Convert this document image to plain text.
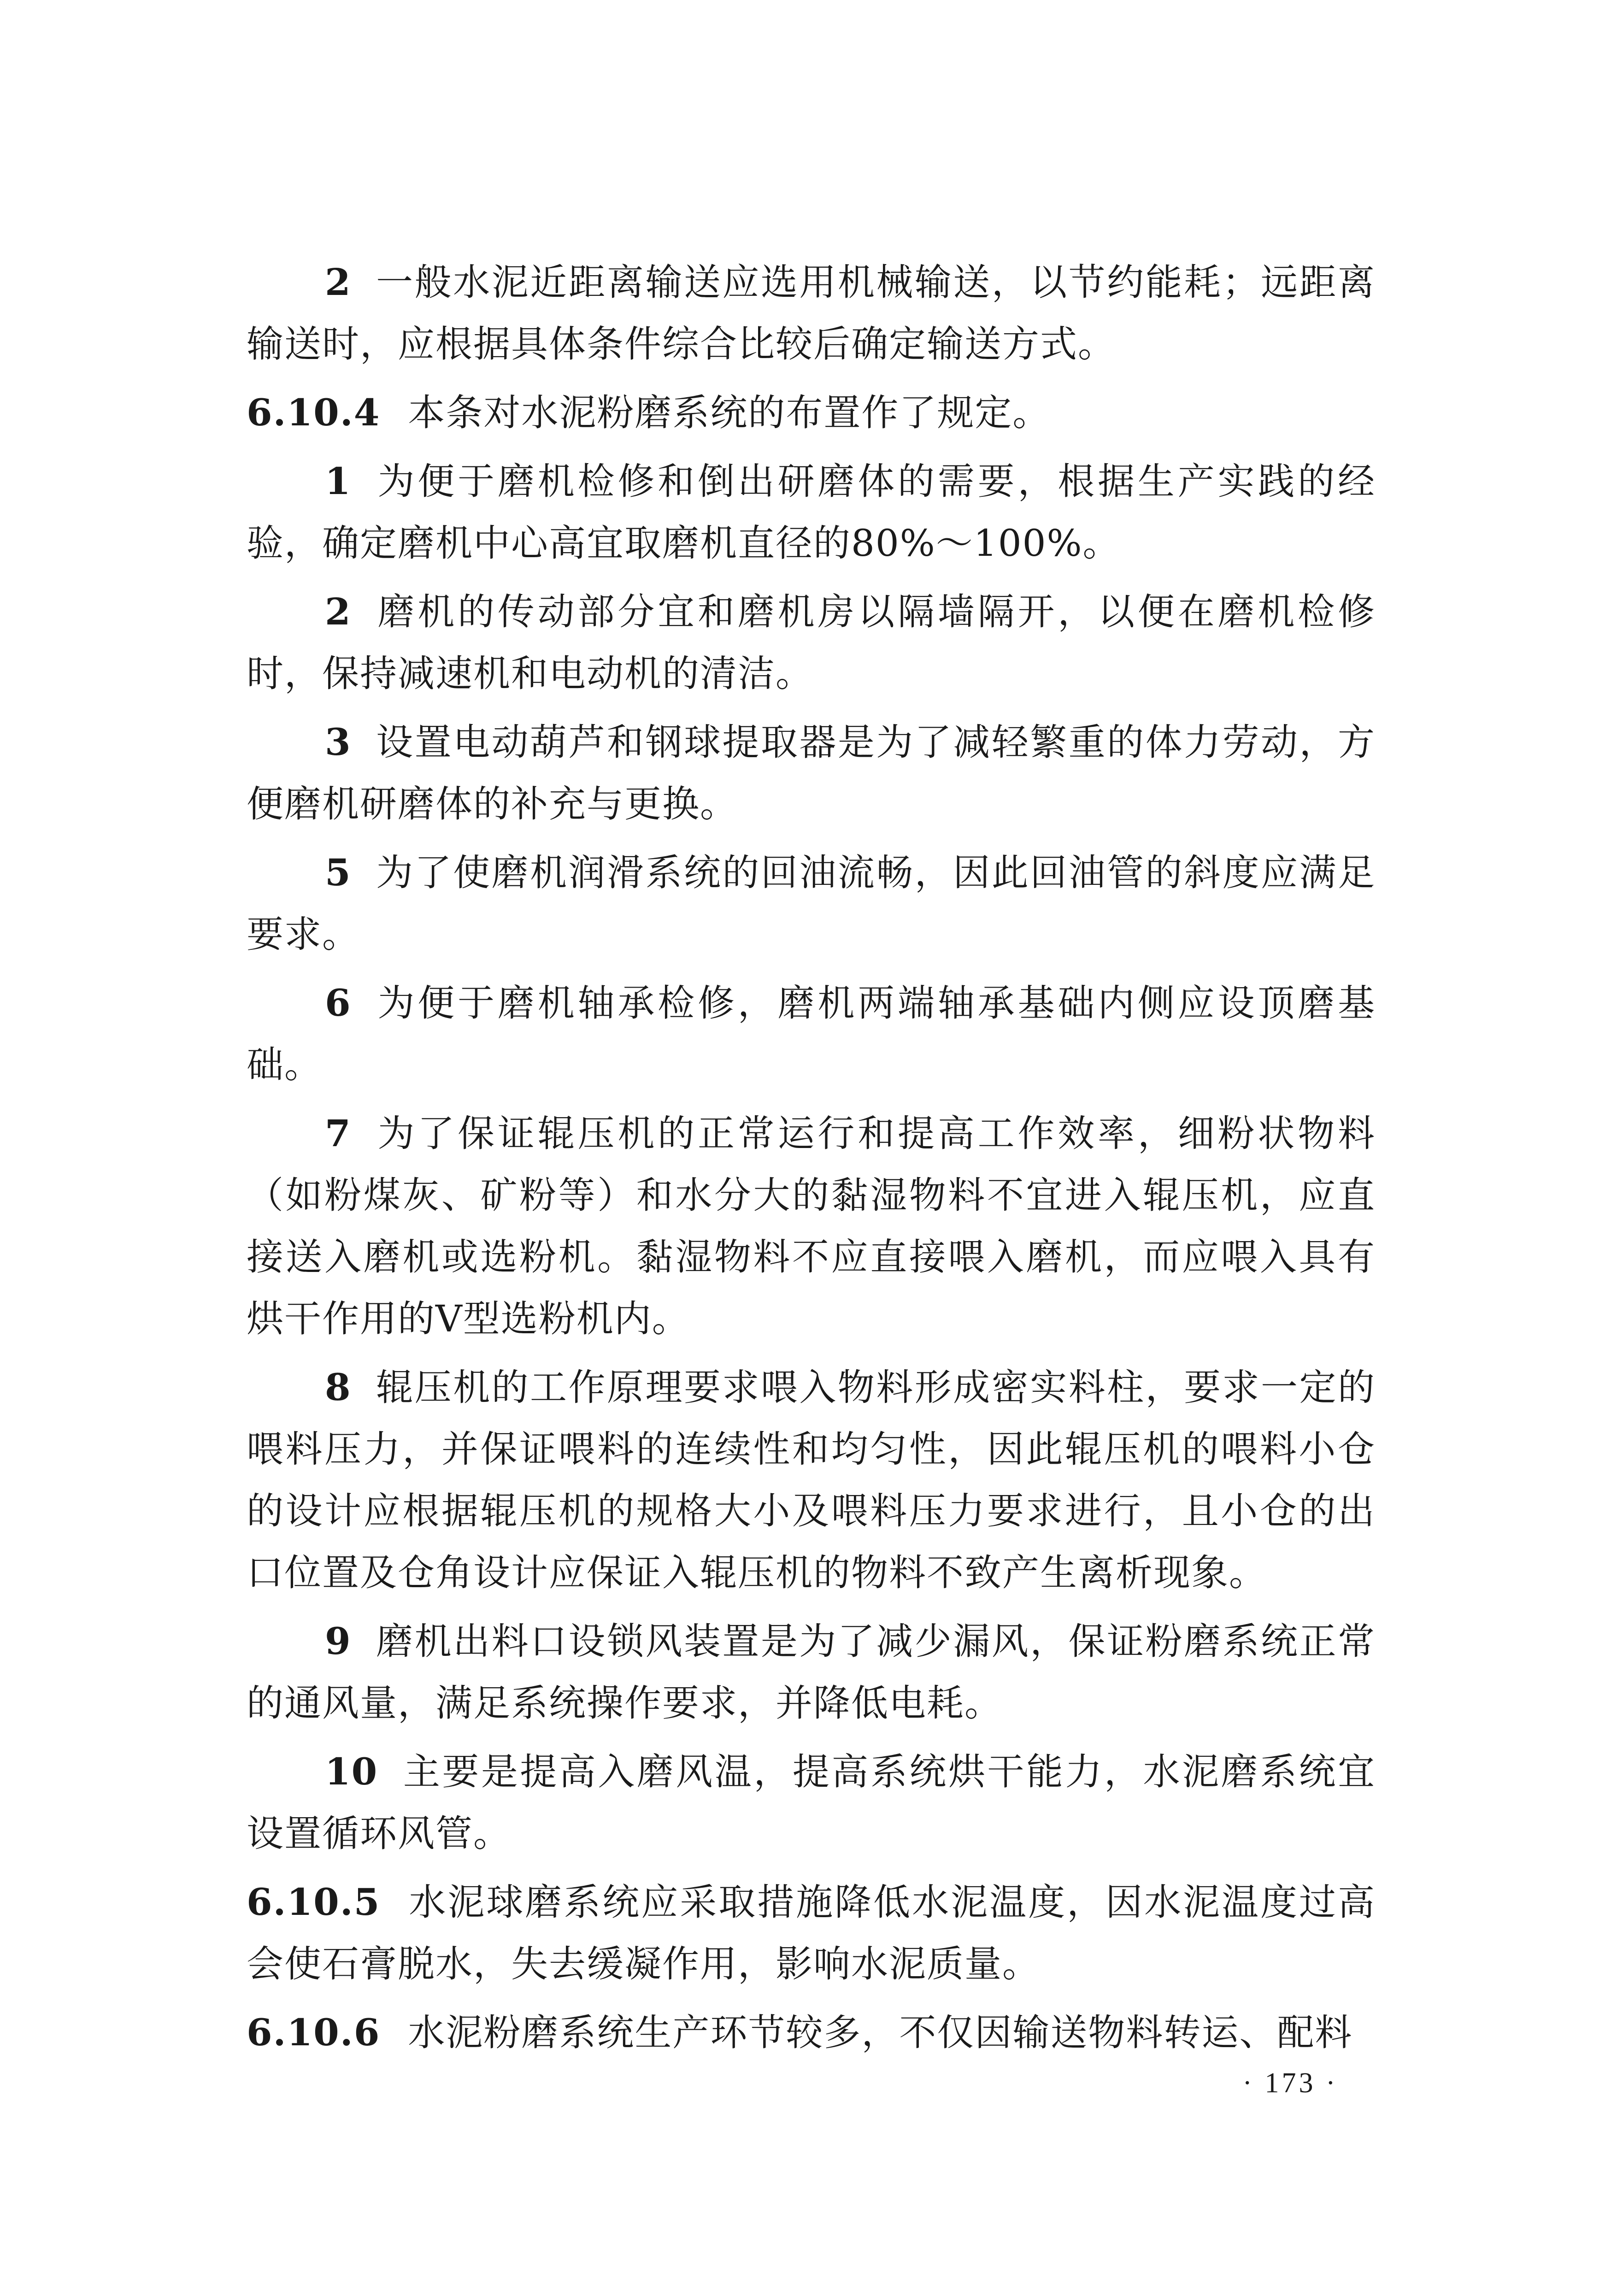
2 一般水泥近距离输送应选用机械输送，以节约能耗；远距离输送时，应根据具体条件综合比较后确定输送方式。

6.10.4 本条对水泥粉磨系统的布置作了规定。

1 为便于磨机检修和倒出研磨体的需要，根据生产实践的经验，确定磨机中心高宜取磨机直径的80%～100%。

2 磨机的传动部分宜和磨机房以隔墙隔开，以便在磨机检修时，保持减速机和电动机的清洁。

3 设置电动葫芦和钢球提取器是为了减轻繁重的体力劳动，方便磨机研磨体的补充与更换。

5 为了使磨机润滑系统的回油流畅，因此回油管的斜度应满足要求。

6 为便于磨机轴承检修，磨机两端轴承基础内侧应设顶磨基础。

7 为了保证辊压机的正常运行和提高工作效率，细粉状物料（如粉煤灰、矿粉等）和水分大的黏湿物料不宜进入辊压机，应直接送入磨机或选粉机。黏湿物料不应直接喂入磨机，而应喂入具有烘干作用的V型选粉机内。

8 辊压机的工作原理要求喂入物料形成密实料柱，要求一定的喂料压力，并保证喂料的连续性和均匀性，因此辊压机的喂料小仓的设计应根据辊压机的规格大小及喂料压力要求进行，且小仓的出口位置及仓角设计应保证入辊压机的物料不致产生离析现象。

9 磨机出料口设锁风装置是为了减少漏风，保证粉磨系统正常的通风量，满足系统操作要求，并降低电耗。

10 主要是提高入磨风温，提高系统烘干能力，水泥磨系统宜设置循环风管。

6.10.5 水泥球磨系统应采取措施降低水泥温度，因水泥温度过高会使石膏脱水，失去缓凝作用，影响水泥质量。

6.10.6 水泥粉磨系统生产环节较多，不仅因输送物料转运、配料

· 173 ·
